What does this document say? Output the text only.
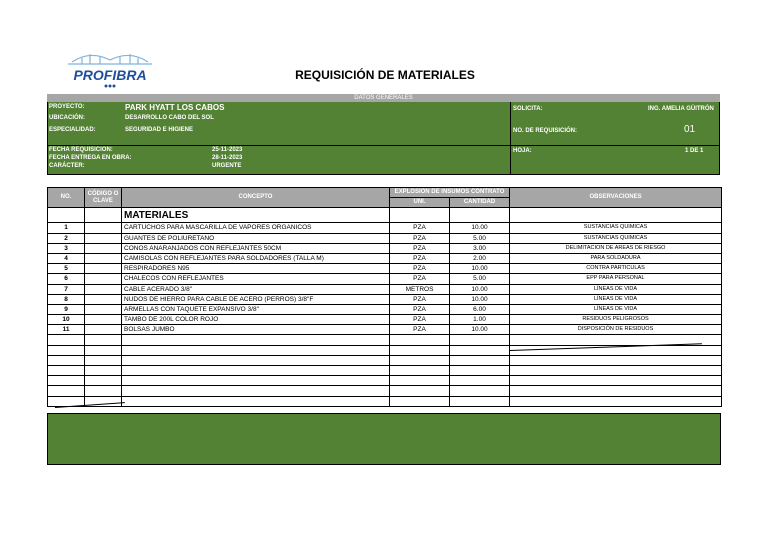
PROFIBRA	REQUISICIÓN DE MATERIALES
DATOS GENERALES
PROYECTO:	PARK HYATT LOS CABOS
UBICACIÓN:	DESARROLLO CABO DEL SOL
ESPECIALIDAD:	SEGURIDAD E HIGIENE
SOLICITA:	ING. AMELIA GÜITRÓN
NO. DE REQUISICIÓN:	01
FECHA REQUISICION:	25-11-2023
FECHA ENTREGA EN OBRA:	28-11-2023
CARÁCTER:	URGENTE
HOJA:	1 DE 1
NO.	CÓDIGO O CLAVE	CONCEPTO	EXPLOSION DE INSUMOS CONTRATO		OBSERVACIONES
			UNI.	CANTIDAD	
		MATERIALES			
1		CARTUCHOS PARA MASCARILLA DE VAPORES ORGANICOS	PZA	10.00	SUSTANCIAS QUIMICAS
2		GUANTES DE POLIURETANO	PZA	5.00	SUSTANCIAS QUIMICAS
3		CONOS ANARANJADOS CON REFLEJANTES 50CM	PZA	3.00	DELIMITACION DE AREAS DE RIESGO
4		CAMISOLAS CON REFLEJANTES PARA SOLDADORES (TALLA M)	PZA	2.00	PARA SOLDADURA
5		RESPIRADORES N95	PZA	10.00	CONTRA PARTICULAS
6		CHALECOS CON REFLEJANTES	PZA	5.00	EPP PARA PERSONAL
7		CABLE ACERADO 3/8"	METROS	10.00	LÍNEAS DE VIDA
8		NUDOS DE HIERRO PARA CABLE DE ACERO (PERROS) 3/8"F	PZA	10.00	LÍNEAS DE VIDA
9		ARMELLAS CON TAQUETE EXPANSIVO 3/8"	PZA	6.00	LÍNEAS DE VIDA
10		TAMBO DE 200L COLOR ROJO	PZA	1.00	RESIDUOS PELIGROSOS
11		BOLSAS JUMBO	PZA	10.00	DISPOSICIÓN DE RESIDUOS
